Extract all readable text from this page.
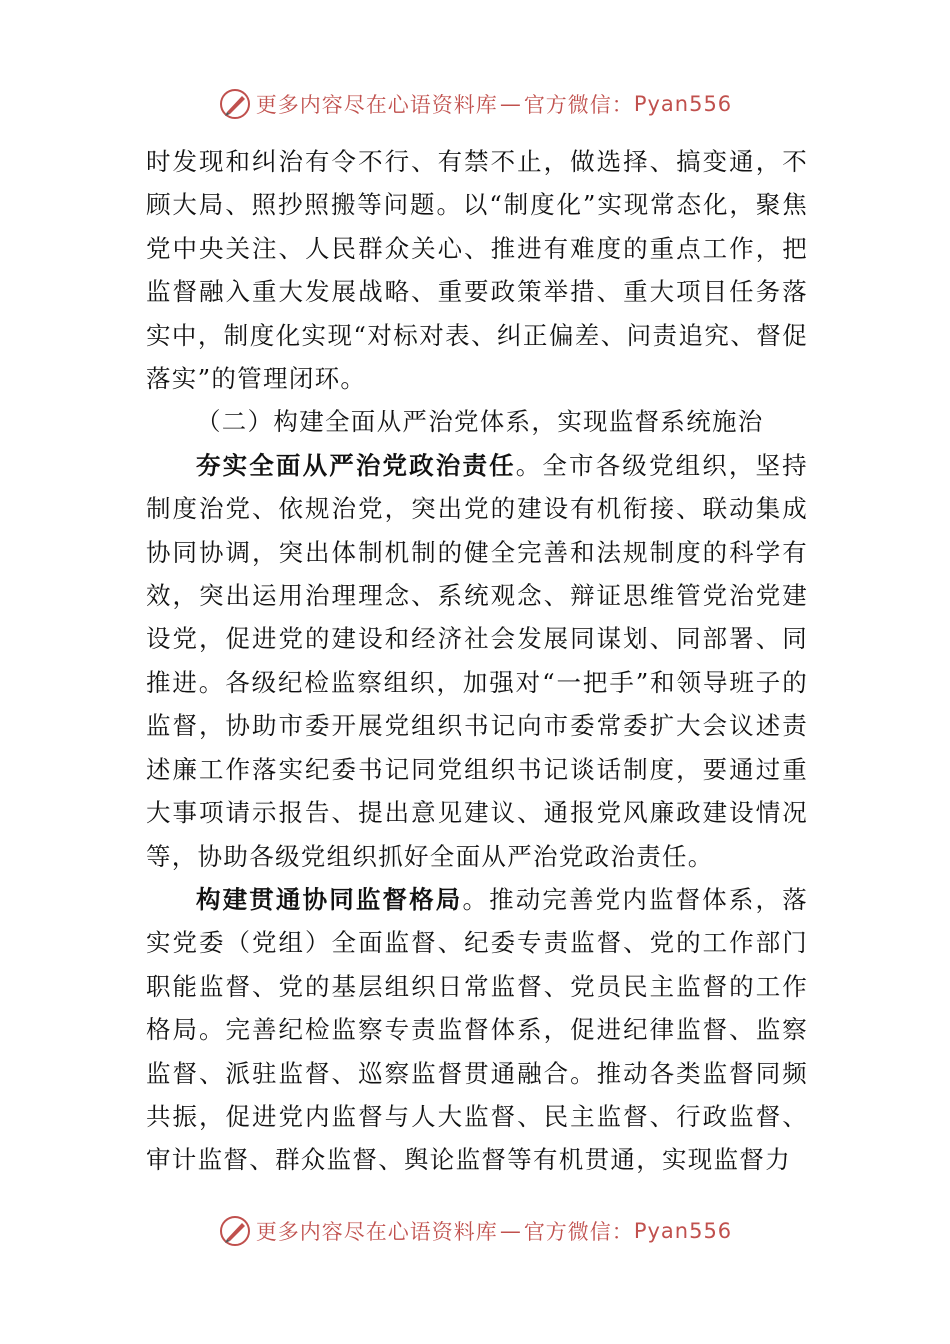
更多内容尽在心语资料库 — 官方微信： Pyan556

时发现和纠治有令不行、有禁不止，做选择、搞变通，不顾大局、照抄照搬等问题。以“制度化”实现常态化，聚焦党中央关注、人民群众关心、推进有难度的重点工作，把监督融入重大发展战略、重要政策举措、重大项目任务落实中，制度化实现“对标对表、纠正偏差、问责追究、督促落实”的管理闭环。

（二）构建全面从严治党体系，实现监督系统施治

夯实全面从严治党政治责任。全市各级党组织，坚持制度治党、依规治党，突出党的建设有机衔接、联动集成协同协调，突出体制机制的健全完善和法规制度的科学有效，突出运用治理理念、系统观念、辩证思维管党治党建设党，促进党的建设和经济社会发展同谋划、同部署、同推进。各级纪检监察组织，加强对“一把手”和领导班子的监督，协助市委开展党组织书记向市委常委扩大会议述责述廉工作落实纪委书记同党组织书记谈话制度，要通过重大事项请示报告、提出意见建议、通报党风廉政建设情况等，协助各级党组织抓好全面从严治党政治责任。

构建贯通协同监督格局。推动完善党内监督体系，落实党委（党组）全面监督、纪委专责监督、党的工作部门职能监督、党的基层组织日常监督、党员民主监督的工作格局。完善纪检监察专责监督体系，促进纪律监督、监察监督、派驻监督、巡察监督贯通融合。推动各类监督同频共振，促进党内监督与人大监督、民主监督、行政监督、审计监督、群众监督、舆论监督等有机贯通，实现监督力

更多内容尽在心语资料库 — 官方微信： Pyan556
